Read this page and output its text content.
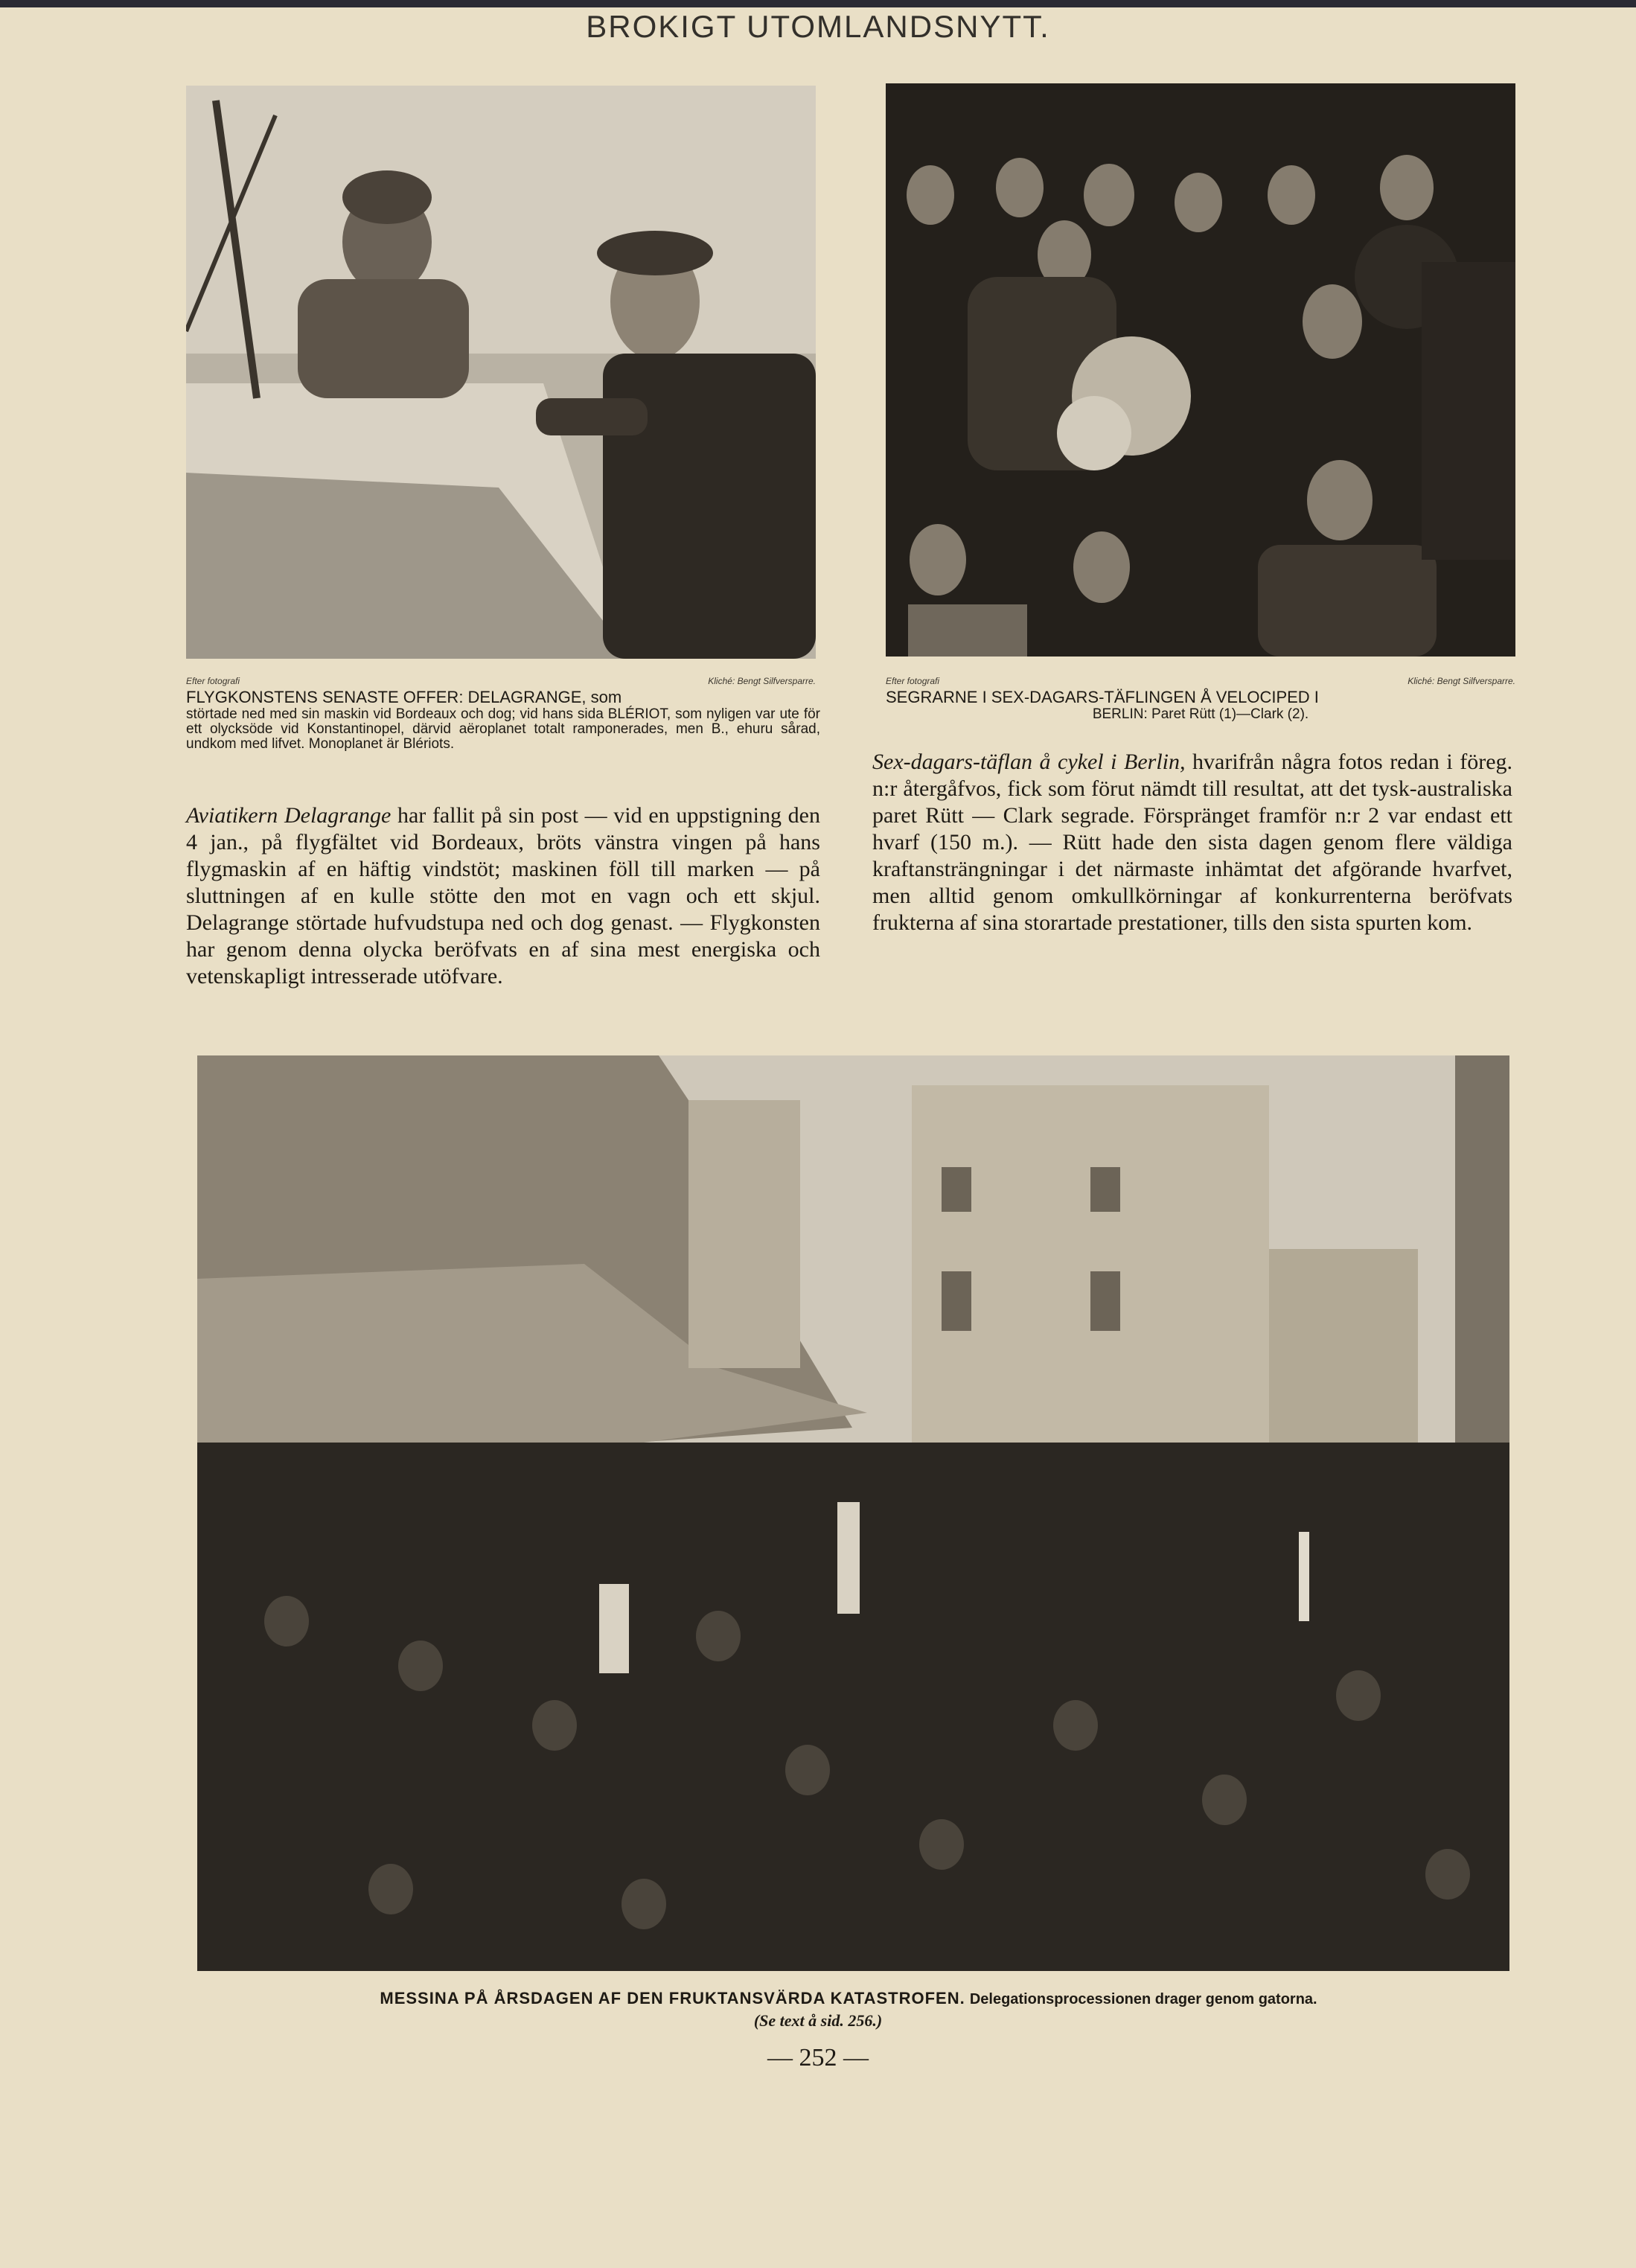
BROKIGT UTOMLANDSNYTT.
Efter fotografi	Kliché: Bengt Silfversparre.
FLYGKONSTENS SENASTE OFFER: DELAGRANGE, som
störtade ned med sin maskin vid Bordeaux och dog; vid hans sida BLÉRIOT, som nyligen var ute för ett olycksöde vid Konstantinopel, därvid aëroplanet totalt ramponerades, men B., ehuru sårad, undkom med lifvet. Monoplanet är Blériots.
Efter fotografi	Kliché: Bengt Silfversparre.
SEGRARNE I SEX-DAGARS-TÄFLINGEN Å VELOCIPED I
BERLIN: Paret Rütt (1)—Clark (2).
Aviatikern Delagrange har fallit på sin post — vid en uppstigning den 4 jan., på flygfältet vid Bordeaux, bröts vänstra vingen på hans flygmaskin af en häftig vindstöt; maskinen föll till marken — på sluttningen af en kulle stötte den mot en vagn och ett skjul. Delagrange störtade hufvudstupa ned och dog genast. — Flygkonsten har genom denna olycka beröfvats en af sina mest energiska och vetenskapligt intresserade utöfvare.
Sex-dagars-täflan å cykel i Berlin, hvarifrån några fotos redan i föreg. n:r återgåfvos, fick som förut nämdt till resultat, att det tysk-australiska paret Rütt — Clark segrade. Förspränget framför n:r 2 var endast ett hvarf (150 m.). — Rütt hade den sista dagen genom flere väldiga kraftansträngningar i det närmaste inhämtat det afgörande hvarfvet, men alltid genom omkullkörningar af konkurrenterna beröfvats frukterna af sina storartade prestationer, tills den sista spurten kom.
MESSINA PÅ ÅRSDAGEN AF DEN FRUKTANSVÄRDA KATASTROFEN. Delegationsprocessionen drager genom gatorna.
(Se text å sid. 256.)
— 252 —
